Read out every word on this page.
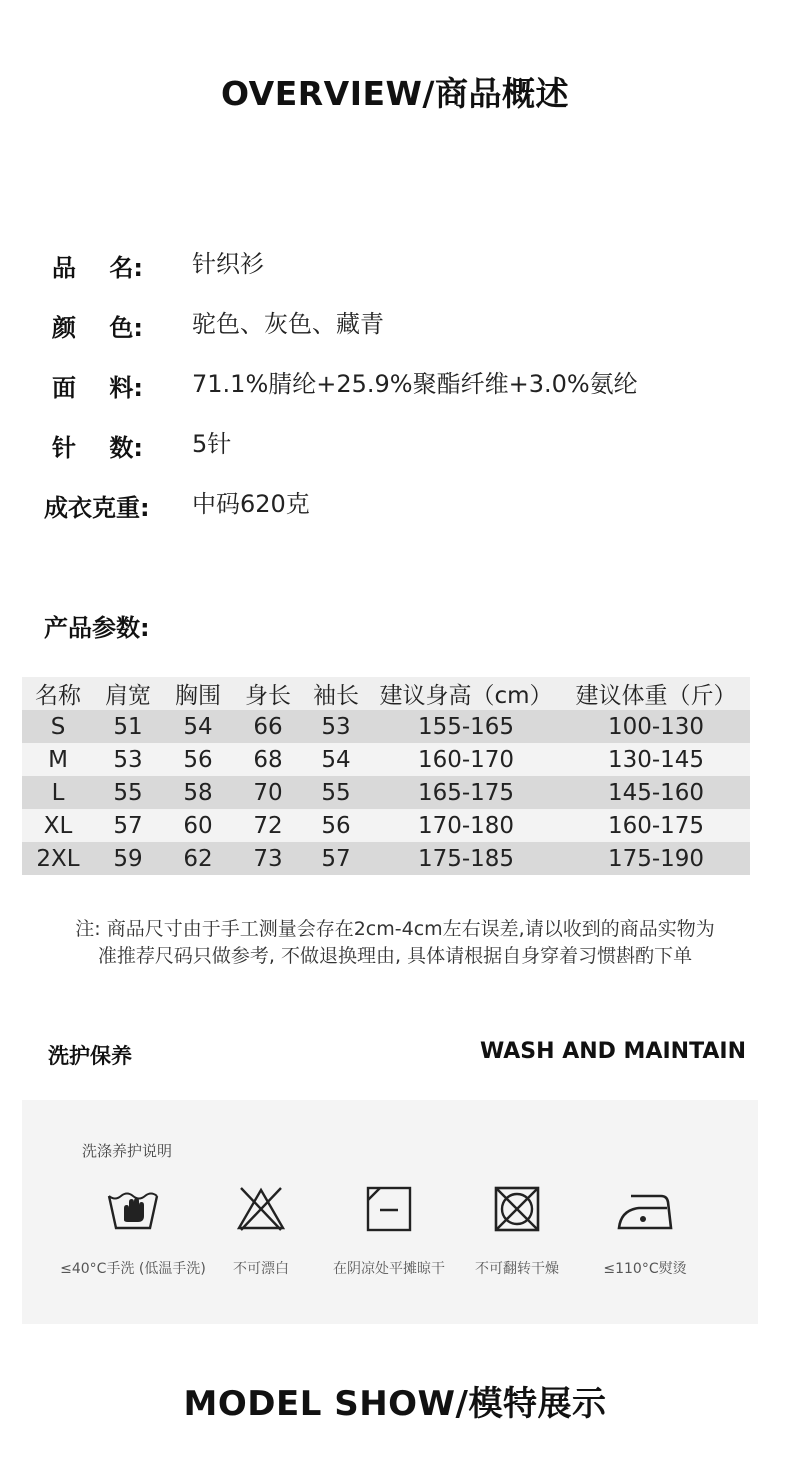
OVERVIEW/商品概述
品    名:	针织衫
颜    色:	驼色、灰色、藏青
面    料:	71.1%腈纶+25.9%聚酯纤维+3.0%氨纶
针    数:	5针
成衣克重:	中码620克
产品参数:
名称	肩宽	胸围	身长	袖长	建议身高（cm）	建议体重（斤）
S	51	54	66	53	155-165	100-130
M	53	56	68	54	160-170	130-145
L	55	58	70	55	165-175	145-160
XL	57	60	72	56	170-180	160-175
2XL	59	62	73	57	175-185	175-190
注: 商品尺寸由于手工测量会存在2cm-4cm左右误差,请以收到的商品实物为
准推荐尺码只做参考, 不做退换理由, 具体请根据自身穿着习惯斟酌下单
洗护保养	WASH AND MAINTAIN
洗涤养护说明
≤40°C手洗 (低温手洗)	不可漂白	在阴凉处平摊晾干	不可翻转干燥	≤110°C熨烫
MODEL SHOW/模特展示
